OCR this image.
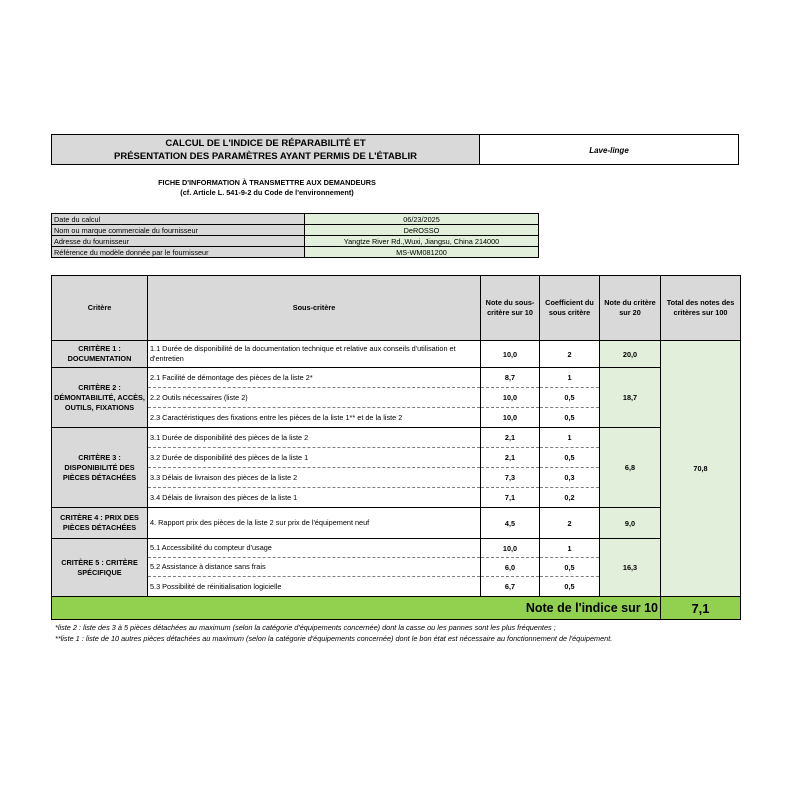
CALCUL DE L'INDICE DE RÉPARABILITÉ ET
PRÉSENTATION DES PARAMÈTRES AYANT PERMIS DE L'ÉTABLIR
Lave-linge
FICHE D'INFORMATION À TRANSMETTRE AUX DEMANDEURS
(cf. Article L. 541-9-2 du Code de l'environnement)
Date du calcul	06/23/2025
Nom ou marque commerciale du fournisseur	DeROSSO
Adresse du fournisseur	Yangtze River Rd.,Wuxi, Jiangsu, China 214000
Référence du modèle donnée par le fournisseur	MS-WM081200
Critère	Sous-critère	Note du sous-critère sur 10	Coefficient du sous critère	Note du critère sur 20	Total des notes des critères sur 100
CRITÈRE 1 : DOCUMENTATION	1.1 Durée de disponibilité de la documentation technique et relative aux conseils d'utilisation et d'entretien	10,0	2	20,0	70,8
CRITÈRE 2 : DÉMONTABILITÉ, ACCÈS, OUTILS, FIXATIONS	2.1 Facilité de démontage des pièces de la liste 2*	8,7	1	18,7	
	2.2 Outils nécessaires (liste 2)	10,0	0,5		
	2.3 Caractéristiques des fixations entre les pièces de la liste 1** et de la liste 2	10,0	0,5		
CRITÈRE 3 : DISPONIBILITÉ DES PIÈCES DÉTACHÉES	3.1 Durée de disponibilité des pièces de la liste 2	2,1	1	6,8	
	3.2 Durée de disponibilité des pièces de la liste 1	2,1	0,5		
	3.3 Délais de livraison des pièces de la liste 2	7,3	0,3		
	3.4 Délais de livraison des pièces de la liste 1	7,1	0,2		
CRITÈRE 4 : PRIX DES PIÈCES DÉTACHÉES	4. Rapport prix des pièces de la liste 2 sur prix de l'équipement neuf	4,5	2	9,0	
CRITÈRE 5 : CRITÈRE SPÉCIFIQUE	5.1 Accessibilité du compteur d'usage	10,0	1	16,3	
	5.2 Assistance à distance sans frais	6,0	0,5		
	5.3 Possibilité de réinitialisation logicielle	6,7	0,5		
Note de l'indice sur 10					7,1
*liste 2 : liste des 3 à 5 pièces détachées au maximum (selon la catégorie d'équipements concernée) dont la casse ou les pannes sont les plus fréquentes ;
**liste 1 : liste de 10 autres pièces détachées au maximum (selon la catégorie d'équipements concernée) dont le bon état est nécessaire au fonctionnement de l'équipement.
